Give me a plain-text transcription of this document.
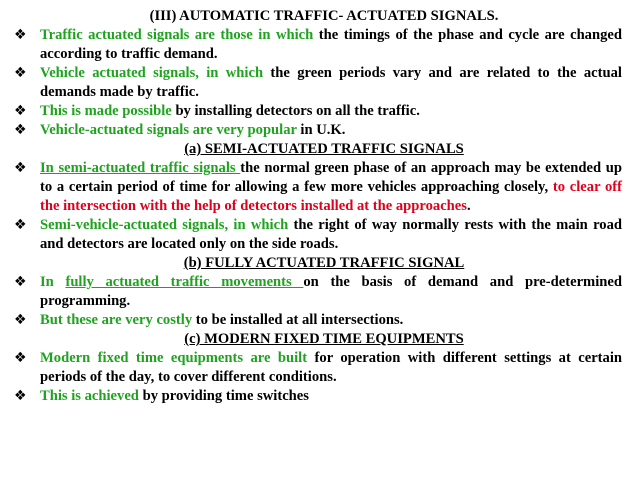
(III) AUTOMATIC TRAFFIC- ACTUATED SIGNALS.
❖ Traffic actuated signals are those in which the timings of the phase and cycle are changed according to traffic demand.
❖ Vehicle actuated signals, in which the green periods vary and are related to the actual demands made by traffic.
❖ This is made possible by installing detectors on all the traffic.
❖ Vehicle-actuated signals are very popular in U.K.
(a) SEMI-ACTUATED TRAFFIC SIGNALS
❖ In semi-actuated traffic signals the normal green phase of an approach may be extended up to a certain period of time for allowing a few more vehicles approaching closely, to clear off the intersection with the help of detectors installed at the approaches.
❖ Semi-vehicle-actuated signals, in which the right of way normally rests with the main road and detectors are located only on the side roads.
(b) FULLY ACTUATED TRAFFIC SIGNAL
❖ In fully actuated traffic movements on the basis of demand and pre-determined programming.
❖ But these are very costly to be installed at all intersections.
(c) MODERN FIXED TIME EQUIPMENTS
❖ Modern fixed time equipments are built for operation with different settings at certain periods of the day, to cover different conditions.
❖ This is achieved by providing time switches
